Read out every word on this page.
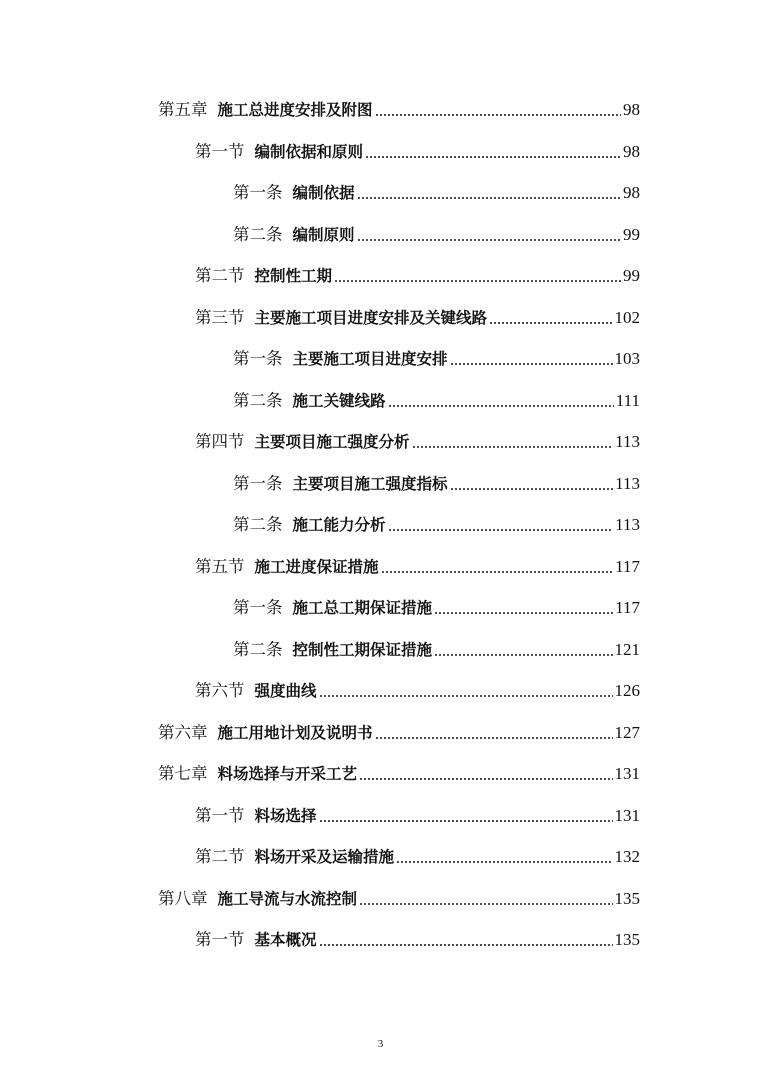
第五章 施工总进度安排及附图	98
第一节 编制依据和原则	98
第一条 编制依据	98
第二条 编制原则	99
第二节 控制性工期	99
第三节 主要施工项目进度安排及关键线路	102
第一条 主要施工项目进度安排	103
第二条 施工关键线路	111
第四节 主要项目施工强度分析	113
第一条 主要项目施工强度指标	113
第二条 施工能力分析	113
第五节 施工进度保证措施	117
第一条 施工总工期保证措施	117
第二条 控制性工期保证措施	121
第六节 强度曲线	126
第六章 施工用地计划及说明书	127
第七章 料场选择与开采工艺	131
第一节 料场选择	131
第二节 料场开采及运输措施	132
第八章 施工导流与水流控制	135
第一节 基本概况	135
3
